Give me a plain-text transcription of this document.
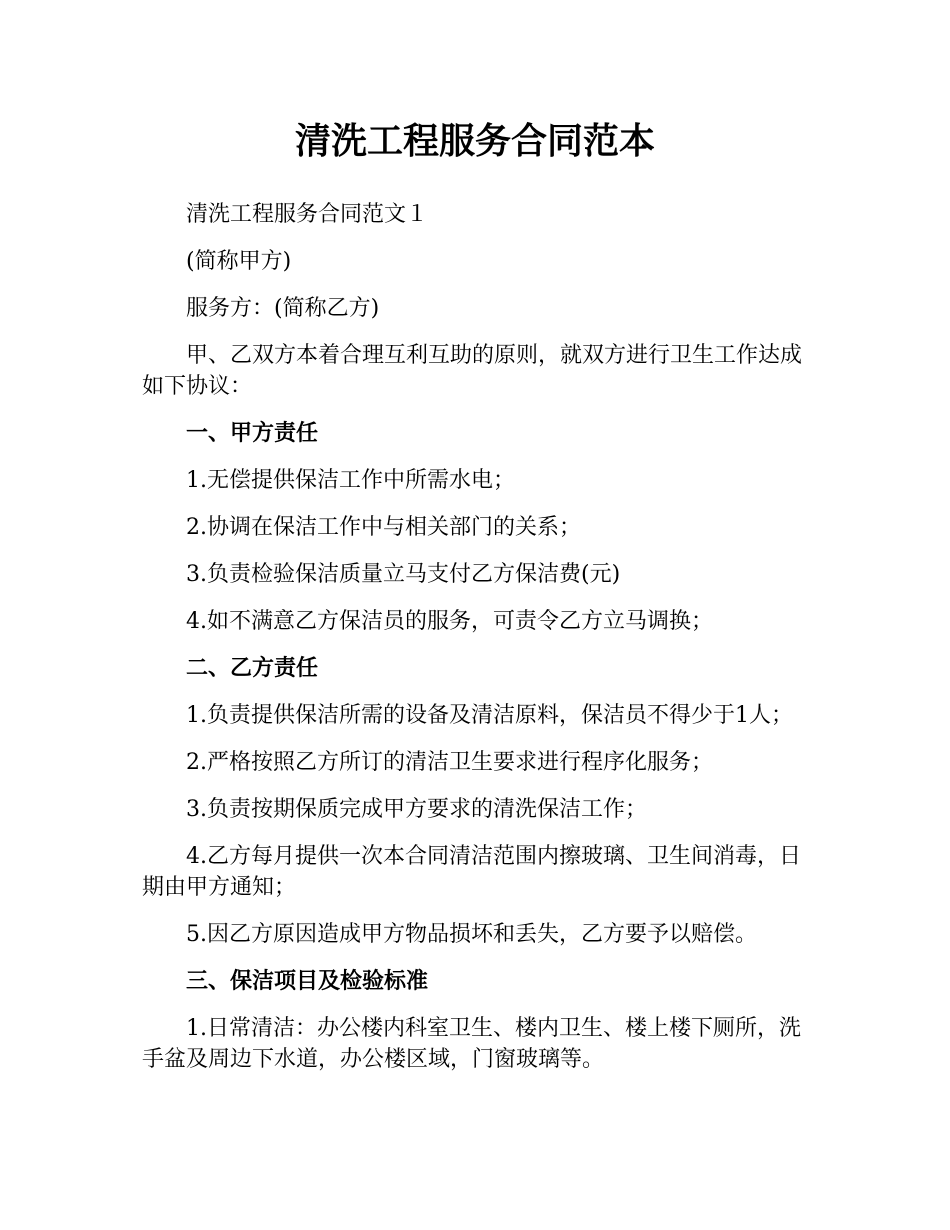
清洗工程服务合同范本

清洗工程服务合同范文１

(简称甲方)

服务方：(简称乙方)

甲、乙双方本着合理互利互助的原则，就双方进行卫生工作达成如下协议：

一、甲方责任

1.无偿提供保洁工作中所需水电；

2.协调在保洁工作中与相关部门的关系；

3.负责检验保洁质量立马支付乙方保洁费(元)

4.如不满意乙方保洁员的服务，可责令乙方立马调换；

二、乙方责任

1.负责提供保洁所需的设备及清洁原料，保洁员不得少于1人；

2.严格按照乙方所订的清洁卫生要求进行程序化服务；

3.负责按期保质完成甲方要求的清洗保洁工作；

4.乙方每月提供一次本合同清洁范围内擦玻璃、卫生间消毒，日期由甲方通知；

5.因乙方原因造成甲方物品损坏和丢失，乙方要予以赔偿。

三、保洁项目及检验标准

1.日常清洁：办公楼内科室卫生、楼内卫生、楼上楼下厕所，洗手盆及周边下水道，办公楼区域，门窗玻璃等。
